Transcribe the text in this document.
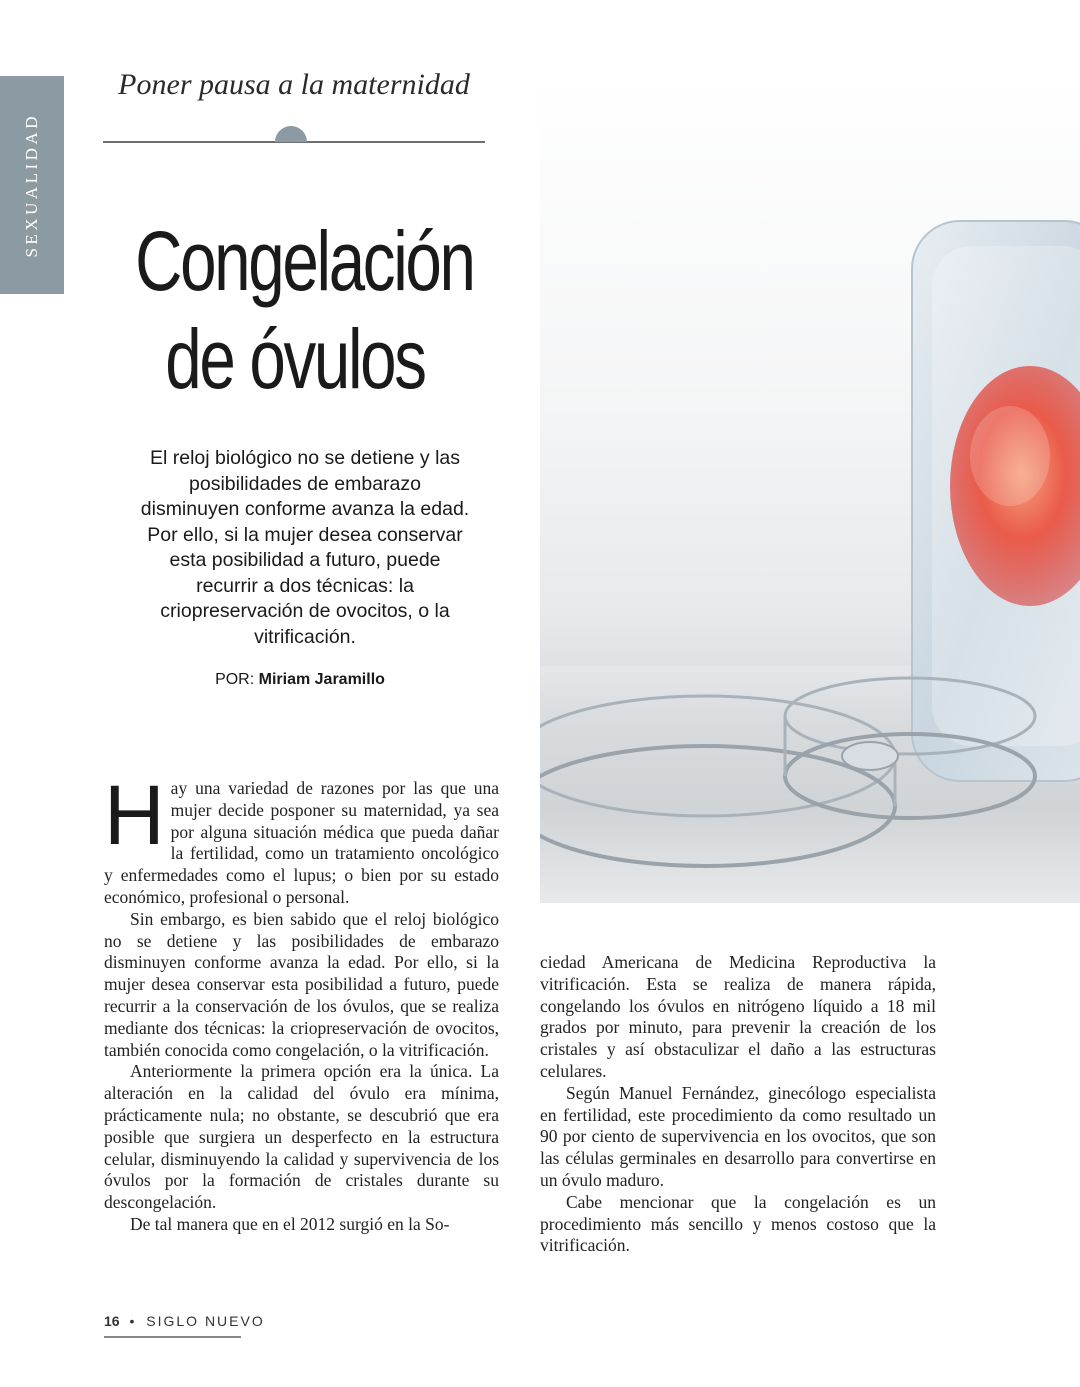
SEXUALIDAD
Poner pausa a la maternidad
Congelación
de óvulos
El reloj biológico no se detiene y las posibilidades de embarazo disminuyen conforme avanza la edad. Por ello, si la mujer desea conservar esta posibilidad a futuro, puede recurrir a dos técnicas: la criopreservación de ovocitos, o la vitrificación.
POR: Miriam Jaramillo

Hay una variedad de razones por las que una mujer decide posponer su maternidad, ya sea por alguna situación médica que pueda dañar la fertilidad, como un tratamiento oncológico y enfermedades como el lupus; o bien por su estado económico, profesional o personal.

Sin embargo, es bien sabido que el reloj biológico no se detiene y las posibilidades de embarazo disminuyen conforme avanza la edad. Por ello, si la mujer desea conservar esta posibilidad a futuro, puede recurrir a la conservación de los óvulos, que se realiza mediante dos técnicas: la criopreservación de ovocitos, también conocida como congelación, o la vitrificación.

Anteriormente la primera opción era la única. La alteración en la calidad del óvulo era mínima, prácticamente nula; no obstante, se descubrió que era posible que surgiera un desperfecto en la estructura celular, disminuyendo la calidad y supervivencia de los óvulos por la formación de cristales durante su descongelación.

De tal manera que en el 2012 surgió en la So-

ciedad Americana de Medicina Reproductiva la vitrificación. Esta se realiza de manera rápida, congelando los óvulos en nitrógeno líquido a 18 mil grados por minuto, para prevenir la creación de los cristales y así obstaculizar el daño a las estructuras celulares.

Según Manuel Fernández, ginecólogo especialista en fertilidad, este procedimiento da como resultado un 90 por ciento de supervivencia en los ovocitos, que son las células germinales en desarrollo para convertirse en un óvulo maduro.

Cabe mencionar que la congelación es un procedimiento más sencillo y menos costoso que la vitrificación.

16 • SIGLO NUEVO
